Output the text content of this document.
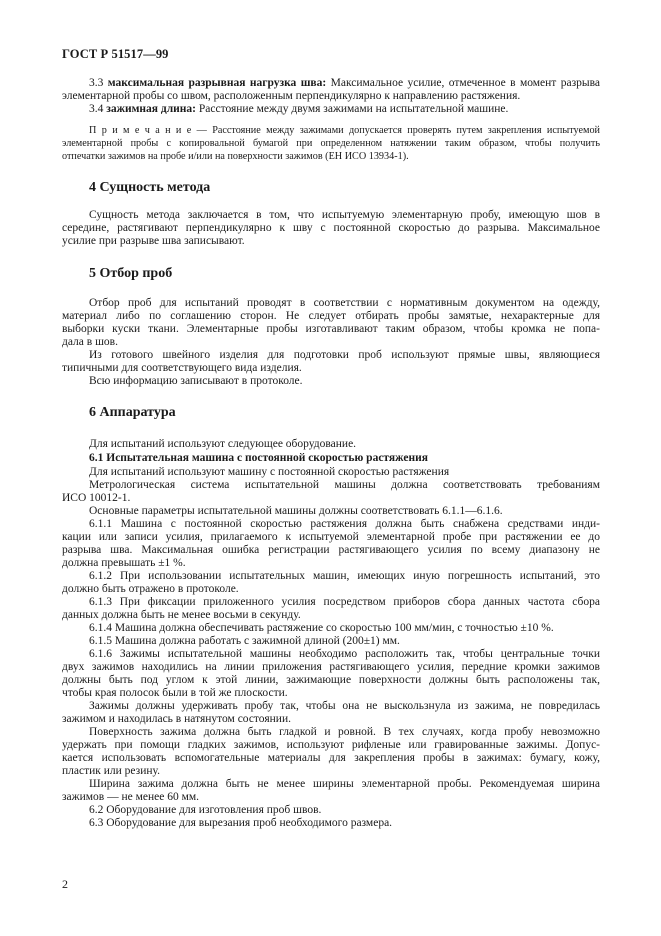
ГОСТ Р 51517—99
3.3 максимальная разрывная нагрузка шва: Максимальное усилие, отмеченное в момент разрыва
элементарной пробы со швом, расположенным перпендикулярно к направлению растяжения.
3.4 зажимная длина: Расстояние между двумя зажимами на испытательной машине.
П р и м е ч а н и е — Расстояние между зажимами допускается проверять путем закрепления испытуемой
элементарной пробы с копировальной бумагой при определенном натяжении таким образом, чтобы получить
отпечатки зажимов на пробе и/или на поверхности зажимов (ЕН ИСО 13934-1).
4 Сущность метода
Сущность метода заключается в том, что испытуемую элементарную пробу, имеющую шов в
середине, растягивают перпендикулярно к шву с постоянной скоростью до разрыва. Максимальное
усилие при разрыве шва записывают.
5 Отбор проб
Отбор проб для испытаний проводят в соответствии с нормативным документом на одежду,
материал либо по соглашению сторон. Не следует отбирать пробы замятые, нехарактерные для
выборки куски ткани. Элементарные пробы изготавливают таким образом, чтобы кромка не попа-
дала в шов.
Из готового швейного изделия для подготовки проб используют прямые швы, являющиеся
типичными для соответствующего вида изделия.
Всю информацию записывают в протоколе.
6 Аппаратура
Для испытаний используют следующее оборудование.
6.1 Испытательная машина с постоянной скоростью растяжения
Для испытаний используют машину с постоянной скоростью растяжения
Метрологическая система испытательной машины должна соответствовать требованиям
ИСО 10012-1.
Основные параметры испытательной машины должны соответствовать 6.1.1—6.1.6.
6.1.1 Машина с постоянной скоростью растяжения должна быть снабжена средствами инди-
кации или записи усилия, прилагаемого к испытуемой элементарной пробе при растяжении ее до
разрыва шва. Максимальная ошибка регистрации растягивающего усилия по всему диапазону не
должна превышать ±1 %.
6.1.2 При использовании испытательных машин, имеющих иную погрешность испытаний, это
должно быть отражено в протоколе.
6.1.3 При фиксации приложенного усилия посредством приборов сбора данных частота сбора
данных должна быть не менее восьми в секунду.
6.1.4 Машина должна обеспечивать растяжение со скоростью 100 мм/мин, с точностью ±10 %.
6.1.5 Машина должна работать с зажимной длиной (200±1) мм.
6.1.6 Зажимы испытательной машины необходимо расположить так, чтобы центральные точки
двух зажимов находились на линии приложения растягивающего усилия, передние кромки зажимов
должны быть под углом к этой линии, зажимающие поверхности должны быть расположены так,
чтобы края полосок были в той же плоскости.
Зажимы должны удерживать пробу так, чтобы она не выскользнула из зажима, не повредилась
зажимом и находилась в натянутом состоянии.
Поверхность зажима должна быть гладкой и ровной. В тех случаях, когда пробу невозможно
удержать при помощи гладких зажимов, используют рифленые или гравированные зажимы. Допус-
кается использовать вспомогательные материалы для закрепления пробы в зажимах: бумагу, кожу,
пластик или резину.
Ширина зажима должна быть не менее ширины элементарной пробы. Рекомендуемая ширина
зажимов — не менее 60 мм.
6.2 Оборудование для изготовления проб швов.
6.3 Оборудование для вырезания проб необходимого размера.
2
